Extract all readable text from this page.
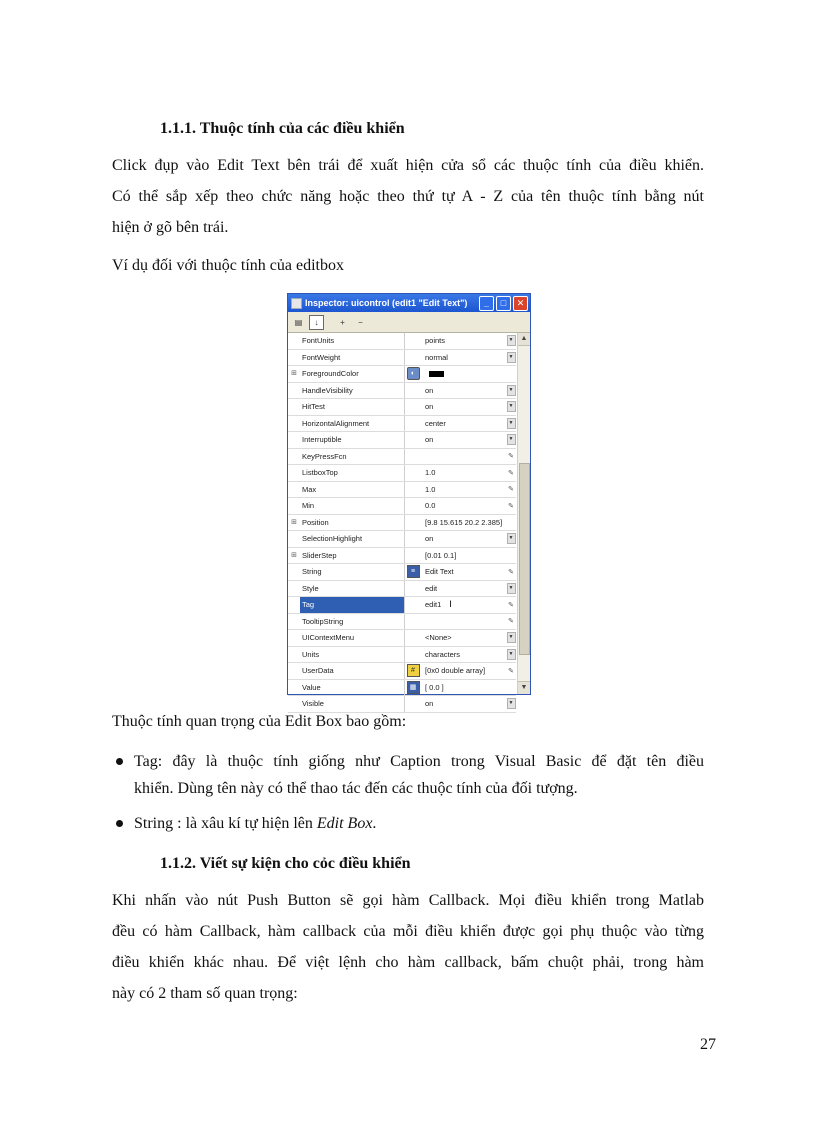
1.1.1. Thuộc tính của các điều khiển

Click đụp vào Edit Text bên trái để xuất hiện cửa sổ các thuộc tính của điều khiển.
Có thể sắp xếp theo chức năng hoặc theo thứ tự A - Z của tên thuộc tính bằng nút
hiện ở gõ bên trái.

Ví dụ đối với thuộc tính của editbox

Inspector: uicontrol (edit1 "Edit Text")	_	□	✕
▤	↓	+	−
FontUnits	points	▼
FontWeight	normal	▼
⊞ ForegroundColor	◐
HandleVisibility	on	▼
HitTest	on	▼
HorizontalAlignment	center	▼
Interruptible	on	▼
KeyPressFcn	✎
ListboxTop	1.0	✎
Max	1.0	✎
Min	0.0	✎
⊞ Position	[9.8 15.615 20.2 2.385]
SelectionHighlight	on	▼
⊞ SliderStep	[0.01 0.1]
String	≡	Edit Text	✎
Style	edit	▼
Tag	edit1 I	✎
TooltipString	✎
UIContextMenu	<None>	▼
Units	characters	▼
UserData	#	[0x0 double array]	✎
Value	▦	[ 0.0 ]
Visible	on	▼
▲
▼

Thuộc tính quan trọng của Edit Box bao gồm:

Tag: đây là thuộc tính giống như Caption trong Visual Basic để đặt tên điều
khiển. Dùng tên này có thể thao tác đến các thuộc tính của đối tượng.
String : là xâu kí tự hiện lên Edit Box.
1.1.2. Viết sự kiện cho cỏc điều khiển

Khi nhấn vào nút Push Button sẽ gọi hàm Callback. Mọi điều khiển trong Matlab
đều có hàm Callback, hàm callback của mỗi điều khiển được gọi phụ thuộc vào từng
điều khiển khác nhau. Để việt lệnh cho hàm callback, bấm chuột phải, trong hàm
này có 2 tham số quan trọng:

27
